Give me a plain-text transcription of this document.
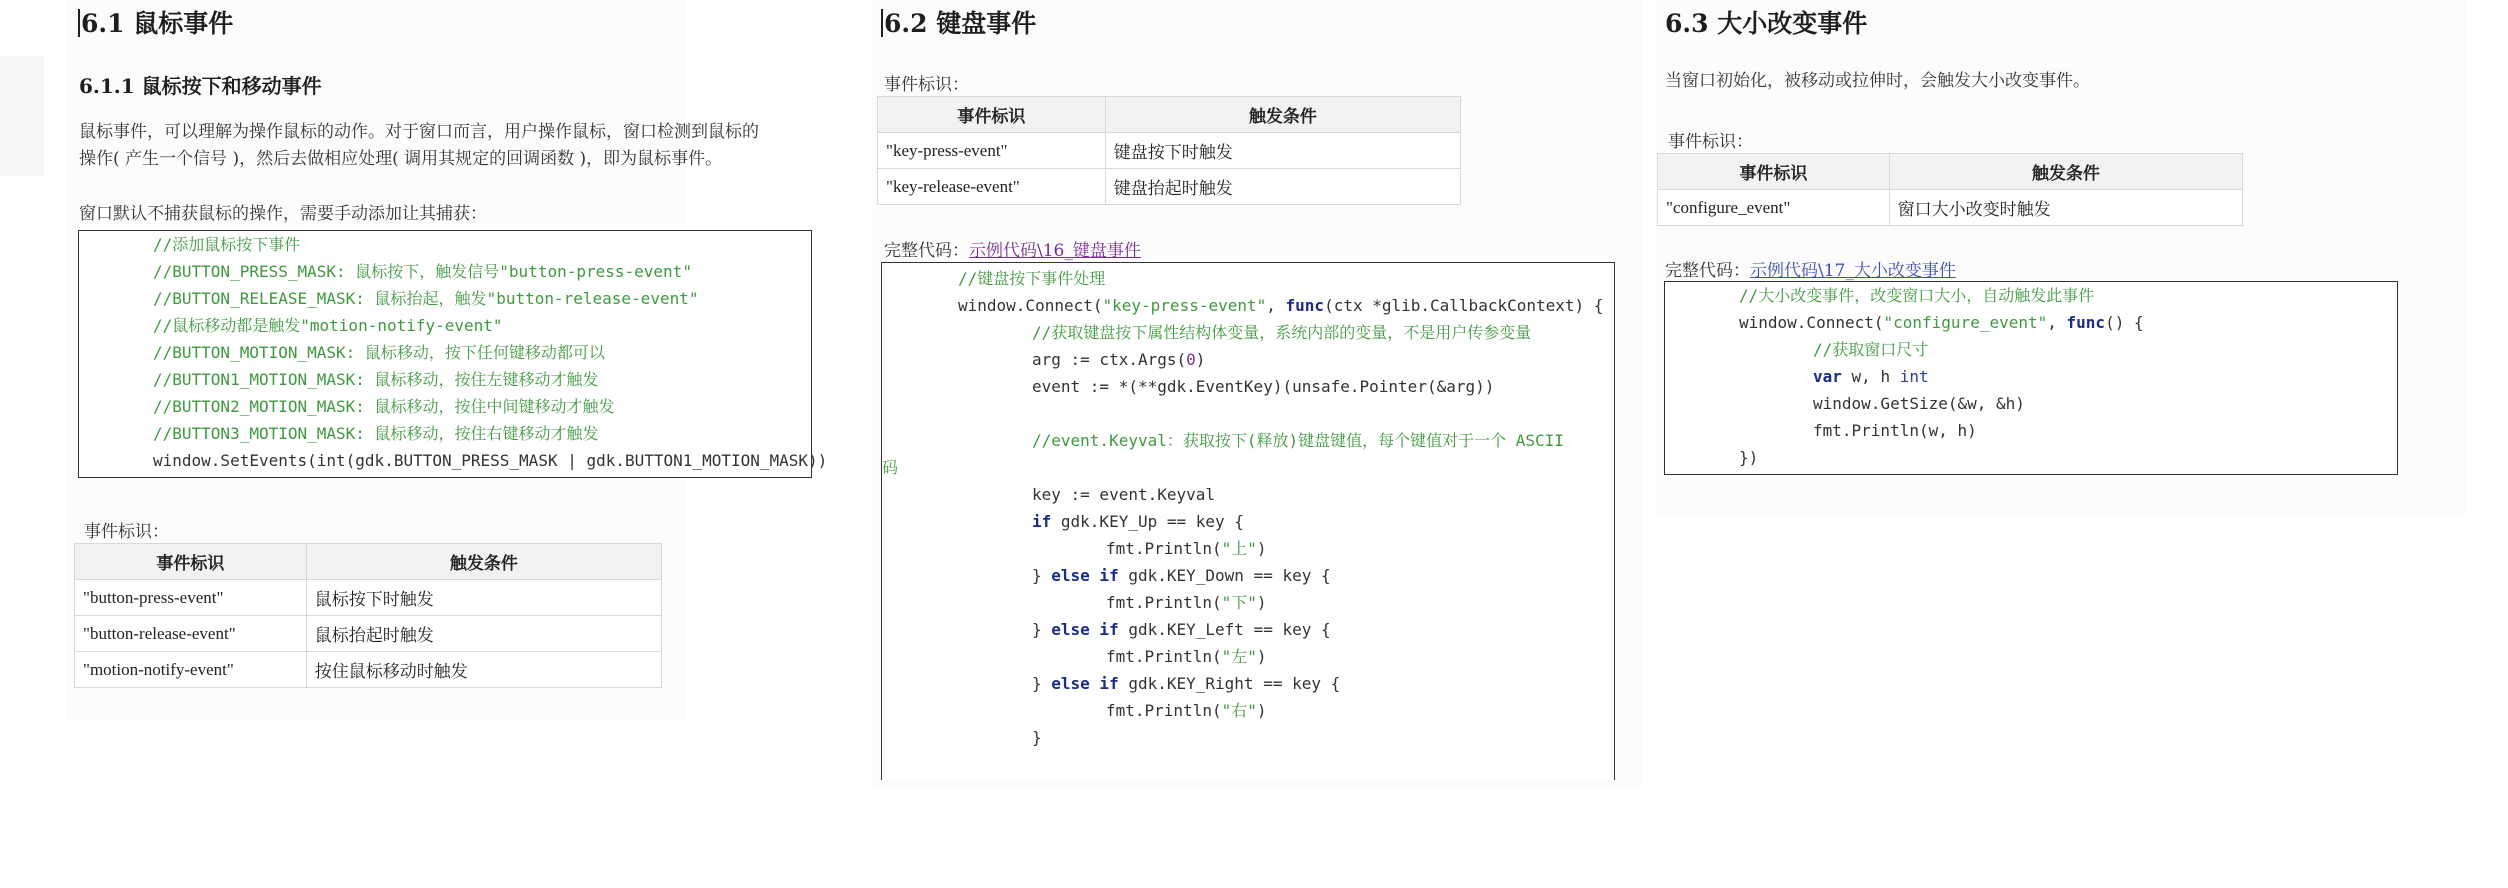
6.1 鼠标事件
6.1.1 鼠标按下和移动事件
鼠标事件，可以理解为操作鼠标的动作。对于窗口而言，用户操作鼠标，窗口检测到鼠标的
操作( 产生一个信号 )，然后去做相应处理( 调用其规定的回调函数 )，即为鼠标事件。
窗口默认不捕获鼠标的操作，需要手动添加让其捕获：
//添加鼠标按下事件
//BUTTON_PRESS_MASK: 鼠标按下，触发信号"button-press-event"
//BUTTON_RELEASE_MASK: 鼠标抬起，触发"button-release-event"
//鼠标移动都是触发"motion-notify-event"
//BUTTON_MOTION_MASK: 鼠标移动，按下任何键移动都可以
//BUTTON1_MOTION_MASK: 鼠标移动，按住左键移动才触发
//BUTTON2_MOTION_MASK: 鼠标移动，按住中间键移动才触发
//BUTTON3_MOTION_MASK: 鼠标移动，按住右键移动才触发
window.SetEvents(int(gdk.BUTTON_PRESS_MASK | gdk.BUTTON1_MOTION_MASK))
事件标识：
事件标识	触发条件
"button-press-event"	鼠标按下时触发
"button-release-event"	鼠标抬起时触发
"motion-notify-event"	按住鼠标移动时触发
6.2 键盘事件
事件标识：
事件标识	触发条件
"key-press-event"	键盘按下时触发
"key-release-event"	键盘抬起时触发
完整代码：示例代码\16_键盘事件
//键盘按下事件处理
window.Connect("key-press-event", func(ctx *glib.CallbackContext) {
//获取键盘按下属性结构体变量，系统内部的变量，不是用户传参变量
arg := ctx.Args(0)
event := *(**gdk.EventKey)(unsafe.Pointer(&arg))
//event.Keyval：获取按下(释放)键盘键值，每个键值对于一个 ASCII
码
key := event.Keyval
if gdk.KEY_Up == key {
fmt.Println("上")
} else if gdk.KEY_Down == key {
fmt.Println("下")
} else if gdk.KEY_Left == key {
fmt.Println("左")
} else if gdk.KEY_Right == key {
fmt.Println("右")
}
6.3 大小改变事件
当窗口初始化，被移动或拉伸时，会触发大小改变事件。
事件标识：
事件标识	触发条件
"configure_event"	窗口大小改变时触发
完整代码：示例代码\17_大小改变事件
//大小改变事件，改变窗口大小，自动触发此事件
window.Connect("configure_event", func() {
//获取窗口尺寸
var w, h int
window.GetSize(&w, &h)
fmt.Println(w, h)
})
